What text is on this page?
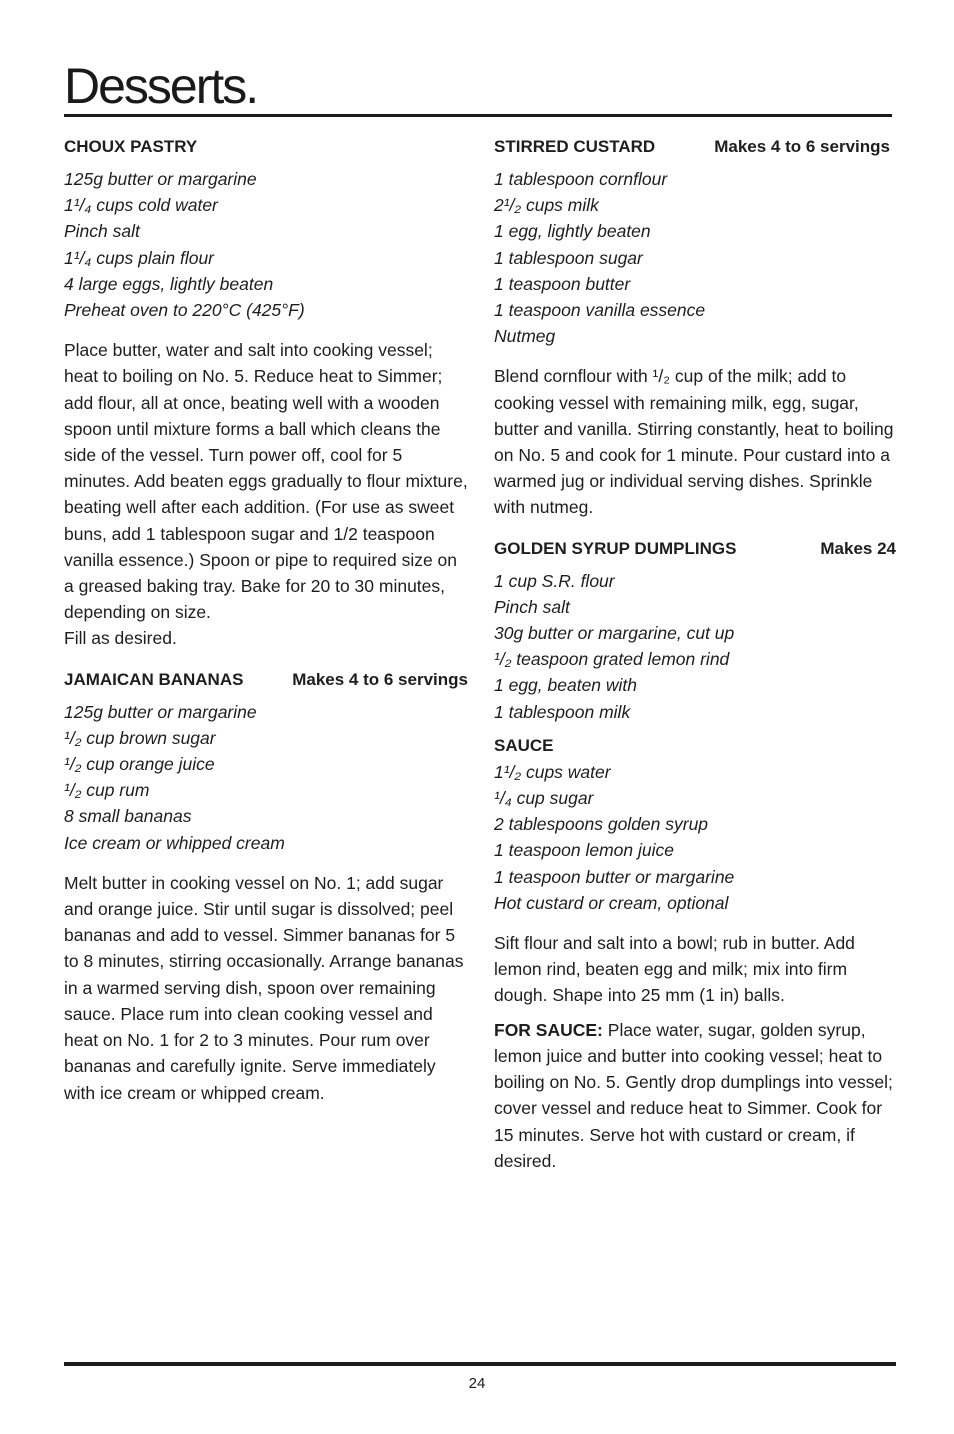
Desserts.
CHOUX PASTRY
125g butter or margarine
1¹/₄ cups cold water
Pinch salt
1¹/₄ cups plain flour
4 large eggs, lightly beaten
Preheat oven to 220°C (425°F)

Place butter, water and salt into cooking vessel; heat to boiling on No. 5. Reduce heat to Simmer; add flour, all at once, beating well with a wooden spoon until mixture forms a ball which cleans the side of the vessel. Turn power off, cool for 5 minutes. Add beaten eggs gradually to flour mixture, beating well after each addition. (For use as sweet buns, add 1 tablespoon sugar and 1/2 teaspoon vanilla essence.) Spoon or pipe to required size on a greased baking tray. Bake for 20 to 30 minutes, depending on size.
Fill as desired.

JAMAICAN BANANAS	Makes 4 to 6 servings
125g butter or margarine
¹/₂ cup brown sugar
¹/₂ cup orange juice
¹/₂ cup rum
8 small bananas
Ice cream or whipped cream

Melt butter in cooking vessel on No. 1; add sugar and orange juice. Stir until sugar is dissolved; peel bananas and add to vessel. Simmer bananas for 5 to 8 minutes, stirring occasionally. Arrange bananas in a warmed serving dish, spoon over remaining sauce. Place rum into clean cooking vessel and heat on No. 1 for 2 to 3 minutes. Pour rum over bananas and carefully ignite. Serve immediately with ice cream or whipped cream.

STIRRED CUSTARD	Makes 4 to 6 servings
1 tablespoon cornflour
2¹/₂ cups milk
1 egg, lightly beaten
1 tablespoon sugar
1 teaspoon butter
1 teaspoon vanilla essence
Nutmeg

Blend cornflour with ¹/₂ cup of the milk; add to cooking vessel with remaining milk, egg, sugar, butter and vanilla. Stirring constantly, heat to boiling on No. 5 and cook for 1 minute. Pour custard into a warmed jug or individual serving dishes. Sprinkle with nutmeg.

GOLDEN SYRUP DUMPLINGS	Makes 24
1 cup S.R. flour
Pinch salt
30g butter or margarine, cut up
¹/₂ teaspoon grated lemon rind
1 egg, beaten with
1 tablespoon milk
SAUCE
1¹/₂ cups water
¹/₄ cup sugar
2 tablespoons golden syrup
1 teaspoon lemon juice
1 teaspoon butter or margarine
Hot custard or cream, optional

Sift flour and salt into a bowl; rub in butter. Add lemon rind, beaten egg and milk; mix into firm dough. Shape into 25 mm (1 in) balls.

FOR SAUCE: Place water, sugar, golden syrup, lemon juice and butter into cooking vessel; heat to boiling on No. 5. Gently drop dumplings into vessel; cover vessel and reduce heat to Simmer. Cook for 15 minutes. Serve hot with custard or cream, if desired.

24
